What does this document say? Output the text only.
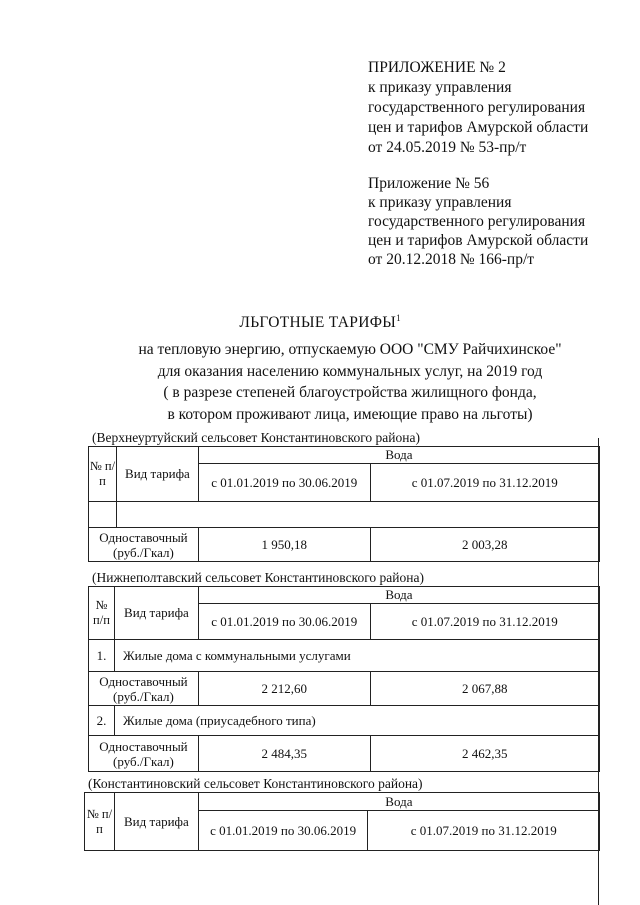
ПРИЛОЖЕНИЕ № 2
к приказу управления
государственного регулирования
цен и тарифов Амурской области
от 24.05.2019 № 53-пр/т
Приложение № 56
к приказу управления
государственного регулирования
цен и тарифов Амурской области
от 20.12.2018 № 166-пр/т
ЛЬГОТНЫЕ ТАРИФЫ$^1$
на тепловую энергию, отпускаемую ООО "СМУ Райчихинское"
для оказания населению коммунальных услуг, на 2019 год
( в разрезе степеней благоустройства жилищного фонда,
в котором проживают лица, имеющие право на льготы)
(Верхнеуртуйский сельсовет Константиновского района)
№ п/п	Вид тарифа	Вода	
		с 01.01.2019 по 30.06.2019	с 01.07.2019 по 31.12.2019

Одноставочный
(руб./Гкал)		1 950,18	2 003,28
(Нижнеполтавский сельсовет Константиновского района)
№ п/п	Вид тарифа	Вода	
		с 01.01.2019 по 30.06.2019	с 01.07.2019 по 31.12.2019
1.	Жилые дома с коммунальными услугами		

Одноставочный
(руб./Гкал)		2 212,60	2 067,88
2.	Жилые дома (приусадебного типа)		

Одноставочный
(руб./Гкал)		2 484,35	2 462,35
(Константиновский сельсовет Константиновского района)
№ п/п	Вид тарифа	Вода	
		с 01.01.2019 по 30.06.2019	с 01.07.2019 по 31.12.2019
